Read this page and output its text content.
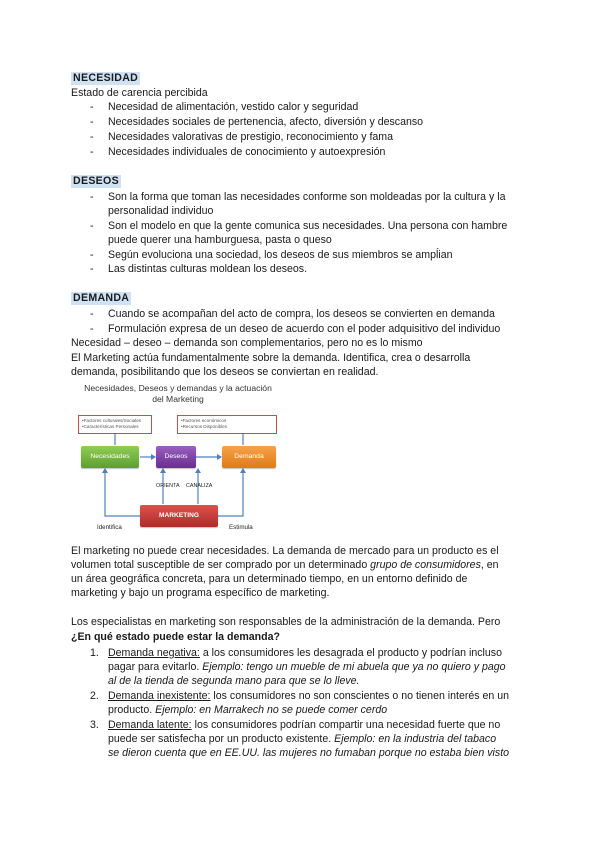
NECESIDAD
Estado de carencia percibida
- Necesidad de alimentación, vestido calor y seguridad
- Necesidades sociales de pertenencia, afecto, diversión y descanso
- Necesidades valorativas de prestigio, reconocimiento y fama
- Necesidades individuales de conocimiento y autoexpresión
DESEOS
- Son la forma que toman las necesidades conforme son moldeadas por la cultura y la
personalidad individuo
- Son el modelo en que la gente comunica sus necesidades. Una persona con hambre
puede querer una hamburguesa, pasta o queso
- Según evoluciona una sociedad, los deseos de sus miembros se ampĺian
- Las distintas culturas moldean los deseos.
DEMANDA
- Cuando se acompañan del acto de compra, los deseos se convierten en demanda
- Formulación expresa de un deseo de acuerdo con el poder adquisitivo del individuo
Necesidad – deseo – demanda son complementarios, pero no es lo mismo
El Marketing actúa fundamentalmente sobre la demanda. Identifica, crea o desarrolla
demanda, posibilitando que los deseos se conviertan en realidad.
Necesidades, Deseos y demandas y la actuación
del Marketing
•Factores culturales/Sociales
•Características Personales
•Factores económicos
•Recursos Disponibles
Necesidades	Deseos	Demanda
ORIENTA CANALIZA
MARKETING
Identifica	Estimula
El marketing no puede crear necesidades. La demanda de mercado para un producto es el
volumen total susceptible de ser comprado por un determinado grupo de consumidores, en
un área geográfica concreta, para un determinado tiempo, en un entorno definido de
marketing y bajo un programa específico de marketing.
Los especialistas en marketing son responsables de la administración de la demanda. Pero
¿En qué estado puede estar la demanda?
1. Demanda negativa: a los consumidores les desagrada el producto y podrían incluso
pagar para evitarlo. Ejemplo: tengo un mueble de mi abuela que ya no quiero y pago
al de la tienda de segunda mano para que se lo lleve.
2. Demanda inexistente: los consumidores no son conscientes o no tienen interés en un
producto. Ejemplo: en Marrakech no se puede comer cerdo
3. Demanda latente: los consumidores podrían compartir una necesidad fuerte que no
puede ser satisfecha por un producto existente. Ejemplo: en la industria del tabaco
se dieron cuenta que en EE.UU. las mujeres no fumaban porque no estaba bien visto
